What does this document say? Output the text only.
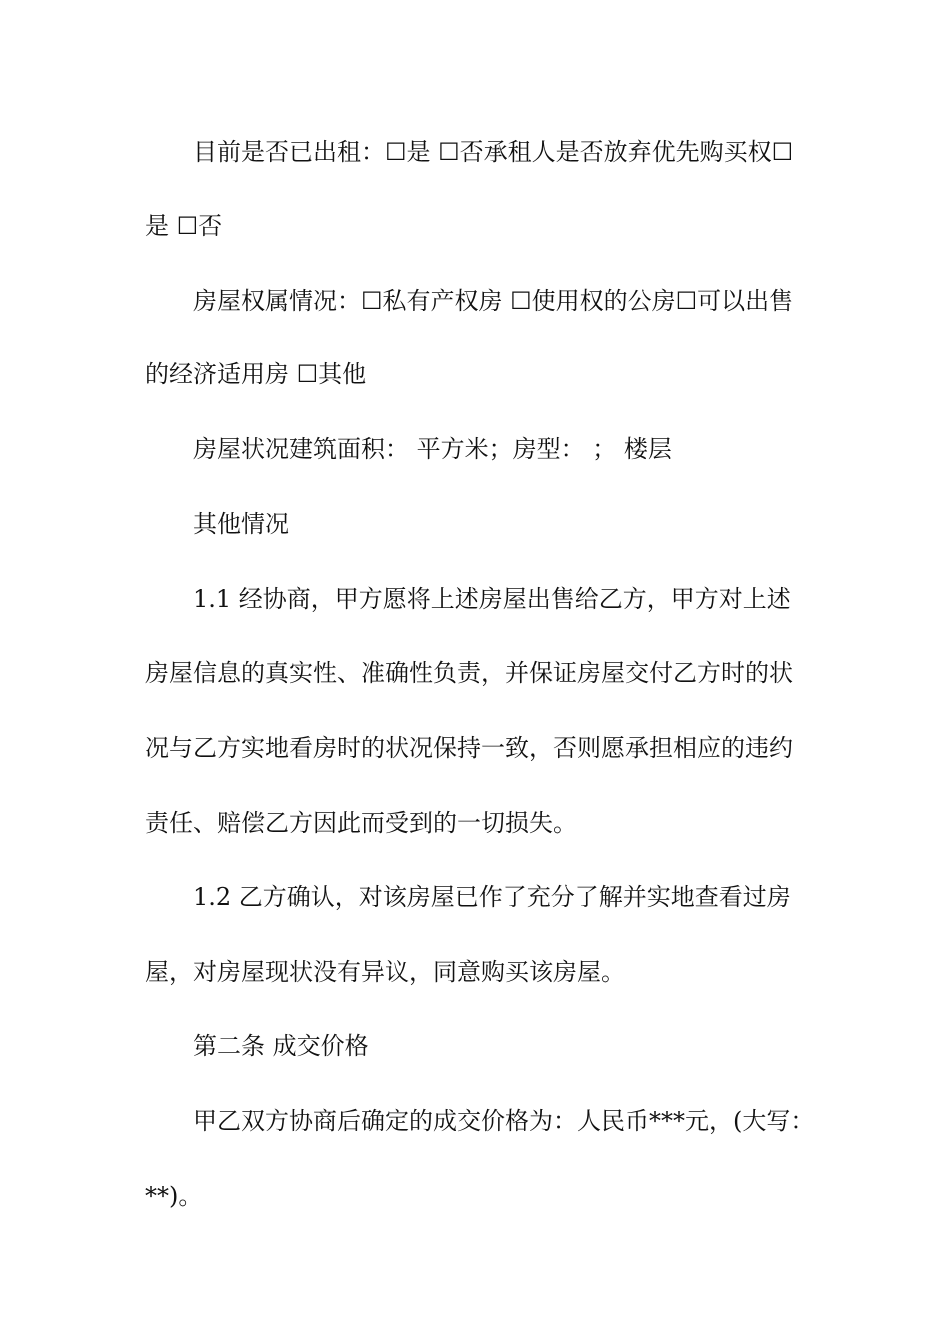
目前是否已出租：☐是 ☐否承租人是否放弃优先购买权☐
是 ☐否
房屋权属情况：☐私有产权房 ☐使用权的公房☐可以出售
的经济适用房 ☐其他
房屋状况建筑面积： 平方米；房型： ； 楼层
其他情况
1.1 经协商，甲方愿将上述房屋出售给乙方，甲方对上述
房屋信息的真实性、准确性负责，并保证房屋交付乙方时的状
况与乙方实地看房时的状况保持一致，否则愿承担相应的违约
责任、赔偿乙方因此而受到的一切损失。
1.2 乙方确认，对该房屋已作了充分了解并实地查看过房
屋，对房屋现状没有异议，同意购买该房屋。
第二条 成交价格
甲乙双方协商后确定的成交价格为：人民币***元，(大写：
**)。
